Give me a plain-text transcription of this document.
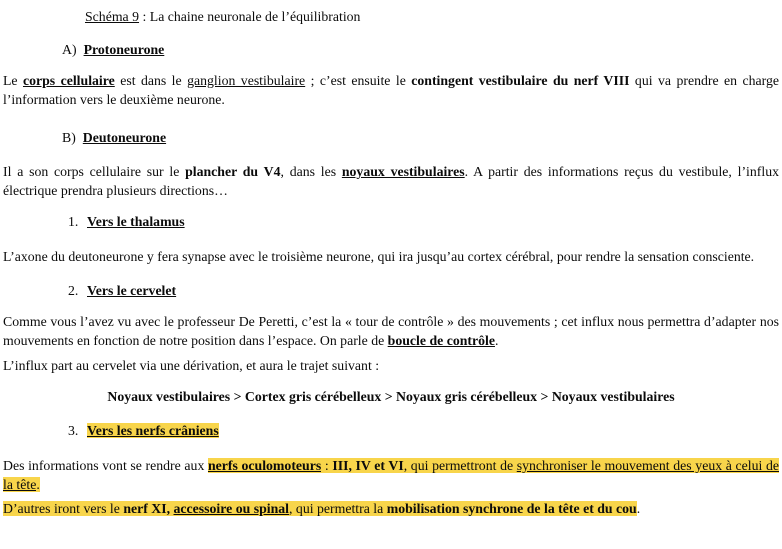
Schéma 9 : La chaine neuronale de l’équilibration

A) Protoneurone

Le corps cellulaire est dans le ganglion vestibulaire ; c’est ensuite le contingent vestibulaire du nerf VIII qui va prendre en charge l’information vers le deuxième neurone.

B) Deutoneurone

Il a son corps cellulaire sur le plancher du V4, dans les noyaux vestibulaires. A partir des informations reçus du vestibule, l’influx électrique prendra plusieurs directions…

1. Vers le thalamus

L’axone du deutoneurone y fera synapse avec le troisième neurone, qui ira jusqu’au cortex cérébral, pour rendre la sensation consciente.

2. Vers le cervelet

Comme vous l’avez vu avec le professeur De Peretti, c’est la « tour de contrôle » des mouvements ; cet influx nous permettra d’adapter nos mouvements en fonction de notre position dans l’espace. On parle de boucle de contrôle.

L’influx part au cervelet via une dérivation, et aura le trajet suivant :

Noyaux vestibulaires > Cortex gris cérébelleux > Noyaux gris cérébelleux > Noyaux vestibulaires

3. Vers les nerfs crâniens

Des informations vont se rendre aux nerfs oculomoteurs : III, IV et VI, qui permettront de synchroniser le mouvement des yeux à celui de la tête.

D’autres iront vers le nerf XI, accessoire ou spinal, qui permettra la mobilisation synchrone de la tête et du cou.
